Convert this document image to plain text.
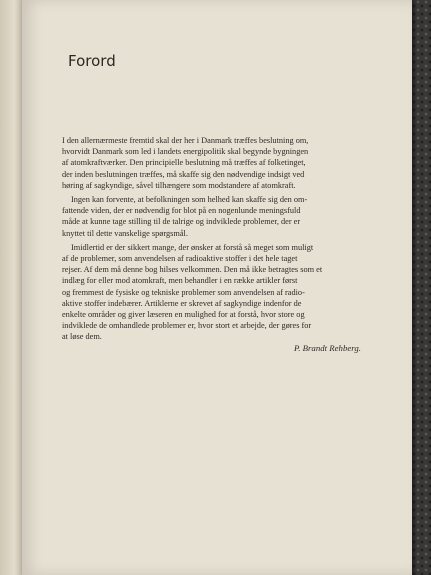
Forord

I den allernærmeste fremtid skal der her i Danmark træffes beslutning om,
hvorvidt Danmark som led i landets energipolitik skal begynde bygningen
af atomkraftværker. Den principielle beslutning må træffes af folketinget,
der inden beslutningen træffes, må skaffe sig den nødvendige indsigt ved
høring af sagkyndige, såvel tilhængere som modstandere af atomkraft.

Ingen kan forvente, at befolkningen som helhed kan skaffe sig den om-
fattende viden, der er nødvendig for blot på en nogenlunde meningsfuld
måde at kunne tage stilling til de talrige og indviklede problemer, der er
knyttet til dette vanskelige spørgsmål.

Imidlertid er der sikkert mange, der ønsker at forstå så meget som muligt
af de problemer, som anvendelsen af radioaktive stoffer i det hele taget
rejser. Af dem må denne bog hilses velkommen. Den må ikke betragtes som et
indlæg for eller mod atomkraft, men behandler i en række artikler først
og fremmest de fysiske og tekniske problemer som anvendelsen af radio-
aktive stoffer indebærer. Artiklerne er skrevet af sagkyndige indenfor de
enkelte områder og giver læseren en mulighed for at forstå, hvor store og
indviklede de omhandlede problemer er, hvor stort et arbejde, der gøres for
at løse dem.

P. Brandt Rehberg.
